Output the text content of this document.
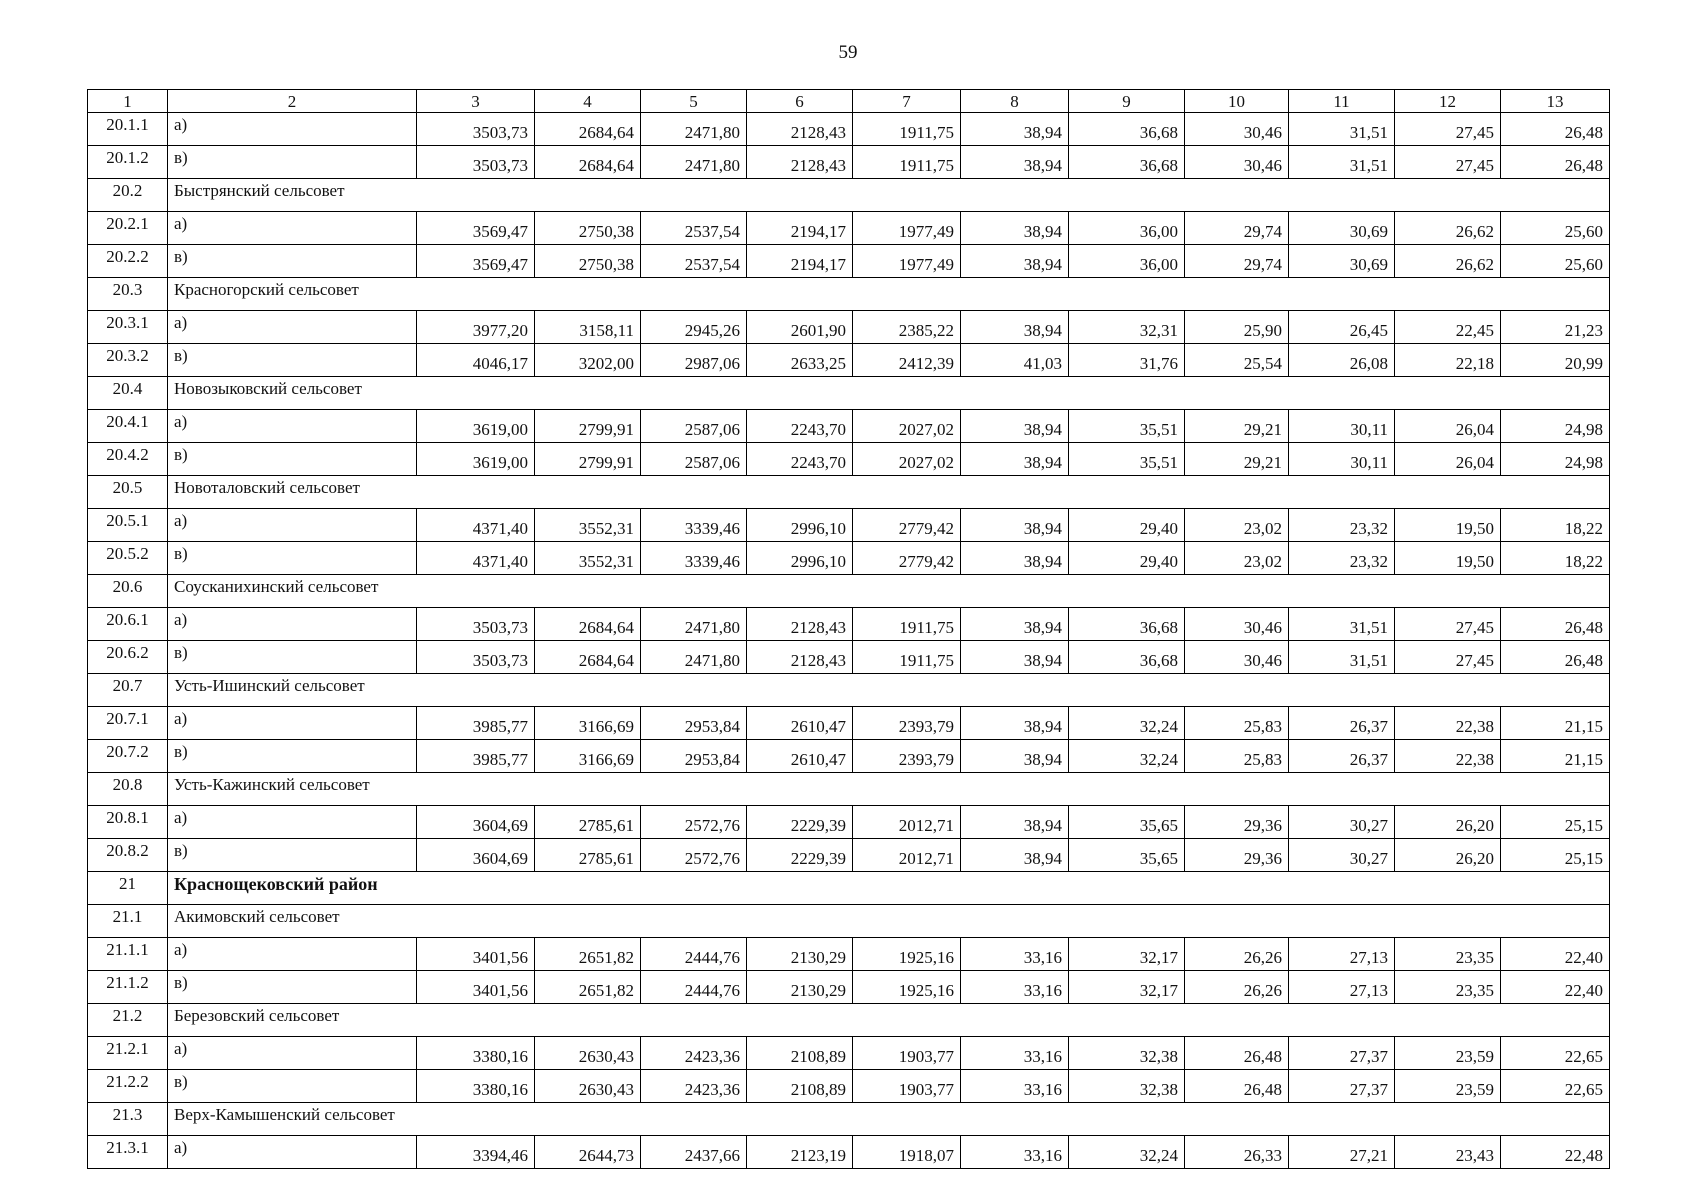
59
1	2	3	4	5	6	7	8	9	10	11	12	13
20.1.1	а)	3503,73	2684,64	2471,80	2128,43	1911,75	38,94	36,68	30,46	31,51	27,45	26,48
20.1.2	в)	3503,73	2684,64	2471,80	2128,43	1911,75	38,94	36,68	30,46	31,51	27,45	26,48
20.2	Быстрянский сельсовет											
20.2.1	а)	3569,47	2750,38	2537,54	2194,17	1977,49	38,94	36,00	29,74	30,69	26,62	25,60
20.2.2	в)	3569,47	2750,38	2537,54	2194,17	1977,49	38,94	36,00	29,74	30,69	26,62	25,60
20.3	Красногорский сельсовет											
20.3.1	а)	3977,20	3158,11	2945,26	2601,90	2385,22	38,94	32,31	25,90	26,45	22,45	21,23
20.3.2	в)	4046,17	3202,00	2987,06	2633,25	2412,39	41,03	31,76	25,54	26,08	22,18	20,99
20.4	Новозыковский сельсовет											
20.4.1	а)	3619,00	2799,91	2587,06	2243,70	2027,02	38,94	35,51	29,21	30,11	26,04	24,98
20.4.2	в)	3619,00	2799,91	2587,06	2243,70	2027,02	38,94	35,51	29,21	30,11	26,04	24,98
20.5	Новоталовский сельсовет											
20.5.1	а)	4371,40	3552,31	3339,46	2996,10	2779,42	38,94	29,40	23,02	23,32	19,50	18,22
20.5.2	в)	4371,40	3552,31	3339,46	2996,10	2779,42	38,94	29,40	23,02	23,32	19,50	18,22
20.6	Соусканихинский сельсовет											
20.6.1	а)	3503,73	2684,64	2471,80	2128,43	1911,75	38,94	36,68	30,46	31,51	27,45	26,48
20.6.2	в)	3503,73	2684,64	2471,80	2128,43	1911,75	38,94	36,68	30,46	31,51	27,45	26,48
20.7	Усть-Ишинский сельсовет											
20.7.1	а)	3985,77	3166,69	2953,84	2610,47	2393,79	38,94	32,24	25,83	26,37	22,38	21,15
20.7.2	в)	3985,77	3166,69	2953,84	2610,47	2393,79	38,94	32,24	25,83	26,37	22,38	21,15
20.8	Усть-Кажинский сельсовет											
20.8.1	а)	3604,69	2785,61	2572,76	2229,39	2012,71	38,94	35,65	29,36	30,27	26,20	25,15
20.8.2	в)	3604,69	2785,61	2572,76	2229,39	2012,71	38,94	35,65	29,36	30,27	26,20	25,15
21	Краснощековский район											
21.1	Акимовский сельсовет											
21.1.1	а)	3401,56	2651,82	2444,76	2130,29	1925,16	33,16	32,17	26,26	27,13	23,35	22,40
21.1.2	в)	3401,56	2651,82	2444,76	2130,29	1925,16	33,16	32,17	26,26	27,13	23,35	22,40
21.2	Березовский сельсовет											
21.2.1	а)	3380,16	2630,43	2423,36	2108,89	1903,77	33,16	32,38	26,48	27,37	23,59	22,65
21.2.2	в)	3380,16	2630,43	2423,36	2108,89	1903,77	33,16	32,38	26,48	27,37	23,59	22,65
21.3	Верх-Камышенский сельсовет											
21.3.1	а)	3394,46	2644,73	2437,66	2123,19	1918,07	33,16	32,24	26,33	27,21	23,43	22,48
